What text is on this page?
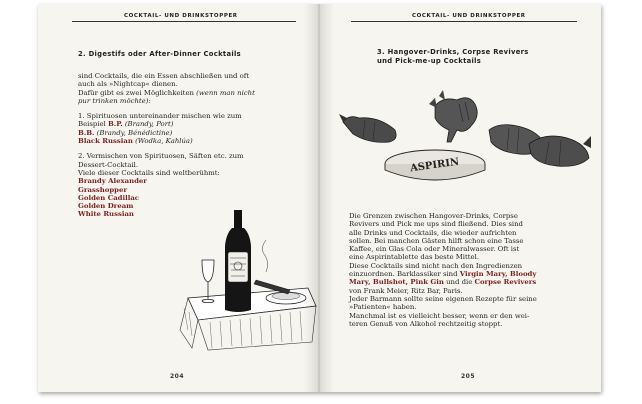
COCKTAIL- UND DRINKSTOPPER
2. Digestifs oder After-Dinner Cocktails

sind Cocktails, die ein Essen abschließen und oft

auch als »Nightcap« dienen.

Dafür gibt es zwei Möglichkeiten (wenn man nicht

pur trinken möchte):

1. Spirituosen untereinander mischen wie zum

Beispiel B.P. (Brandy, Port)

B.B. (Brandy, Bénédictine)

Black Russian (Wodka, Kahlúa)

2. Vermischen von Spirituosen, Säften etc. zum

Dessert-Cocktail.

Viele dieser Cocktails sind weltberühmt:

Brandy Alexander

Grasshopper

Golden Cadillac

Golden Dream

White Russian

204
COCKTAIL- UND DRINKSTOPPER
3. Hangover-Drinks, Corpse Revivers
und Pick-me-up Cocktails
ASPIRIN

Die Grenzen zwischen Hangover-Drinks, Corpse

Revivers und Pick me ups sind fließend. Dies sind

alle Drinks und Cocktails, die wieder aufrichten

sollen. Bei manchen Gästen hilft schon eine Tasse

Kaffee, ein Glas Cola oder Mineralwasser. Oft ist

eine Aspirintablette das beste Mittel.

Diese Cocktails sind nicht nach den Ingredienzen

einzuordnen. Barklassiker sind Virgin Mary, Bloody

Mary, Bullshot, Pink Gin und die Corpse Revivers

von Frank Meier, Ritz Bar, Paris.

Jeder Barmann sollte seine eigenen Rezepte für seine

»Patienten« haben.

Manchmal ist es vielleicht besser, wenn er den wei-

teren Genuß von Alkohol rechtzeitig stoppt.

205
